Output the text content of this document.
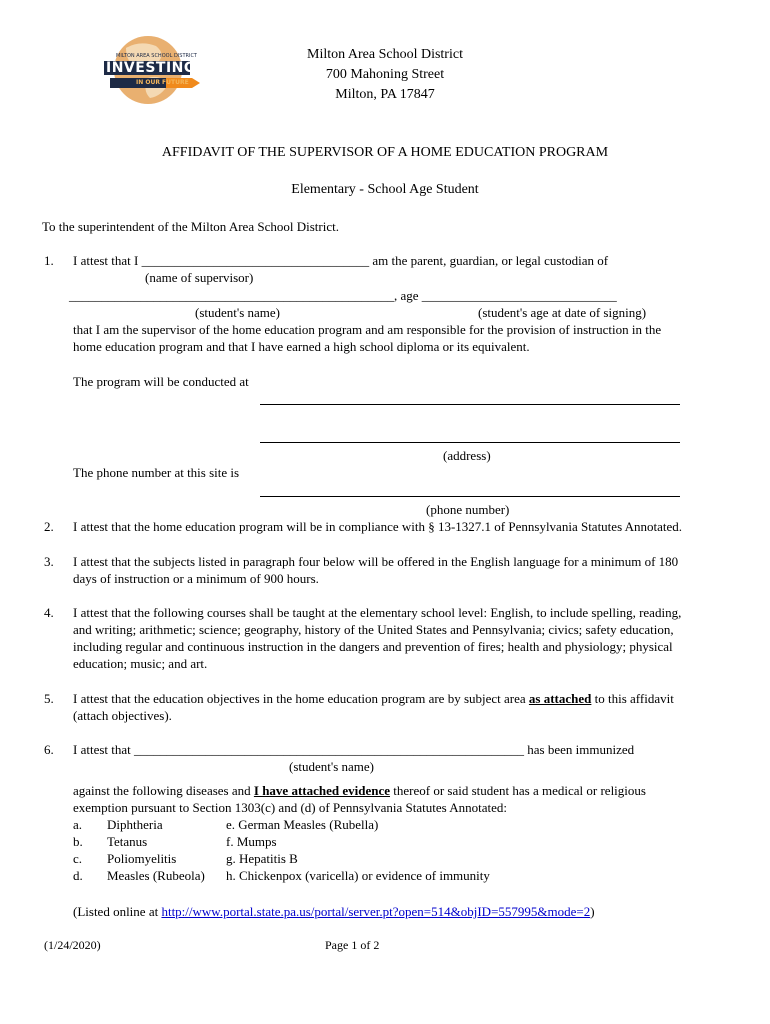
MILTON AREA SCHOOL DISTRICT
INVESTING
IN OUR FUTURE
Milton Area School District
700 Mahoning Street
Milton, PA 17847
AFFIDAVIT OF THE SUPERVISOR OF A HOME EDUCATION PROGRAM
Elementary - School Age Student
To the superintendent of the Milton Area School District.
1. I attest that I ___________________________________ am the parent, guardian, or legal custodian of
(name of supervisor)
__________________________________________________, age ______________________________
(student's name)	(student's age at date of signing)
that I am the supervisor of the home education program and am responsible for the provision of instruction in the
home education program and that I have earned a high school diploma or its equivalent.
The program will be conducted at
(address)
The phone number at this site is
(phone number)
2. I attest that the home education program will be in compliance with § 13-1327.1 of Pennsylvania Statutes Annotated.
3. I attest that the subjects listed in paragraph four below will be offered in the English language for a minimum of 180
days of instruction or a minimum of 900 hours.
4. I attest that the following courses shall be taught at the elementary school level: English, to include spelling, reading,
and writing; arithmetic; science; geography, history of the United States and Pennsylvania; civics; safety education,
including regular and continuous instruction in the dangers and prevention of fires; health and physiology; physical
education; music; and art.
5. I attest that the education objectives in the home education program are by subject area as attached to this affidavit
(attach objectives).
6. I attest that ____________________________________________________________ has been immunized
(student's name)
against the following diseases and I have attached evidence thereof or said student has a medical or religious
exemption pursuant to Section 1303(c) and (d) of Pennsylvania Statutes Annotated:
a. Diphtheria	e. German Measles (Rubella)
b. Tetanus	f. Mumps
c. Poliomyelitis	g. Hepatitis B
d. Measles (Rubeola) h. Chickenpox (varicella) or evidence of immunity
(Listed online at http://www.portal.state.pa.us/portal/server.pt?open=514&objID=557995&mode=2)
(1/24/2020)	Page 1 of 2
